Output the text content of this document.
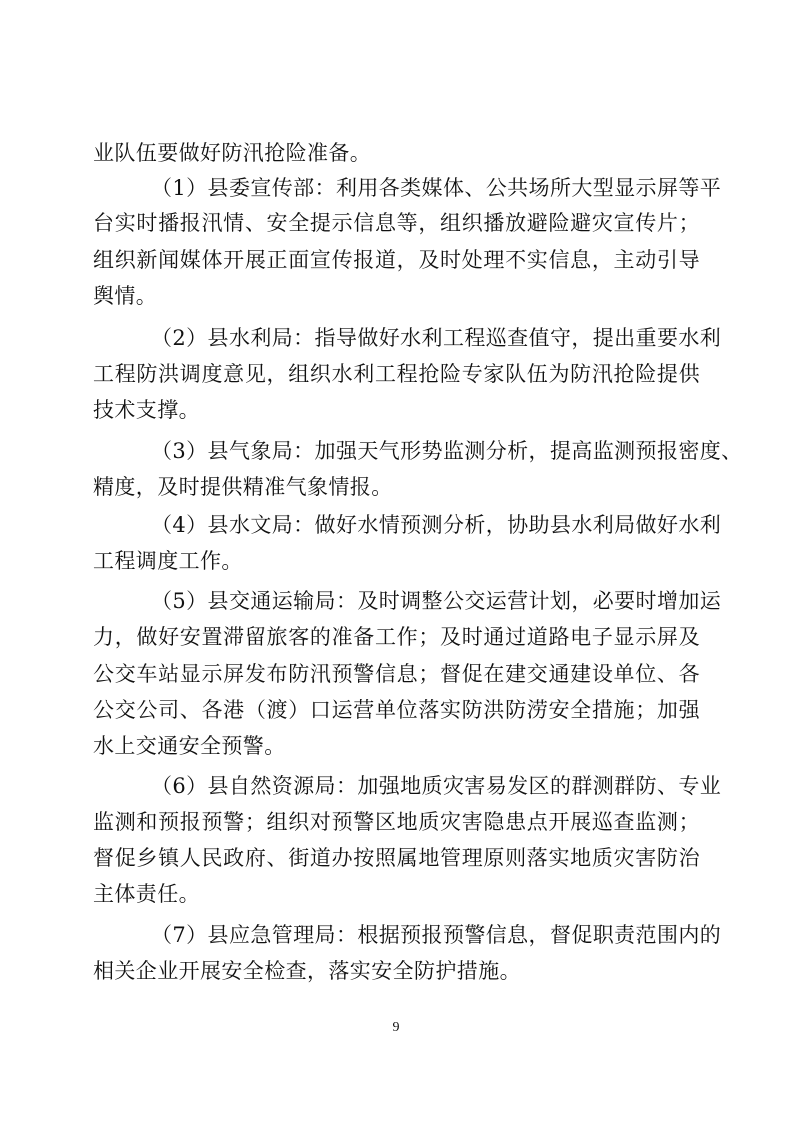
业队伍要做好防汛抢险准备。
（1）县委宣传部：利用各类媒体、公共场所大型显示屏等平
台实时播报汛情、安全提示信息等，组织播放避险避灾宣传片；
组织新闻媒体开展正面宣传报道，及时处理不实信息，主动引导
舆情。
（2）县水利局：指导做好水利工程巡查值守，提出重要水利
工程防洪调度意见，组织水利工程抢险专家队伍为防汛抢险提供
技术支撑。
（3）县气象局：加强天气形势监测分析，提高监测预报密度、
精度，及时提供精准气象情报。
（4）县水文局：做好水情预测分析，协助县水利局做好水利
工程调度工作。
（5）县交通运输局：及时调整公交运营计划，必要时增加运
力，做好安置滞留旅客的准备工作；及时通过道路电子显示屏及
公交车站显示屏发布防汛预警信息；督促在建交通建设单位、各
公交公司、各港（渡）口运营单位落实防洪防涝安全措施；加强
水上交通安全预警。
（6）县自然资源局：加强地质灾害易发区的群测群防、专业
监测和预报预警；组织对预警区地质灾害隐患点开展巡查监测；
督促乡镇人民政府、街道办按照属地管理原则落实地质灾害防治
主体责任。
（7）县应急管理局：根据预报预警信息，督促职责范围内的
相关企业开展安全检查，落实安全防护措施。
9
